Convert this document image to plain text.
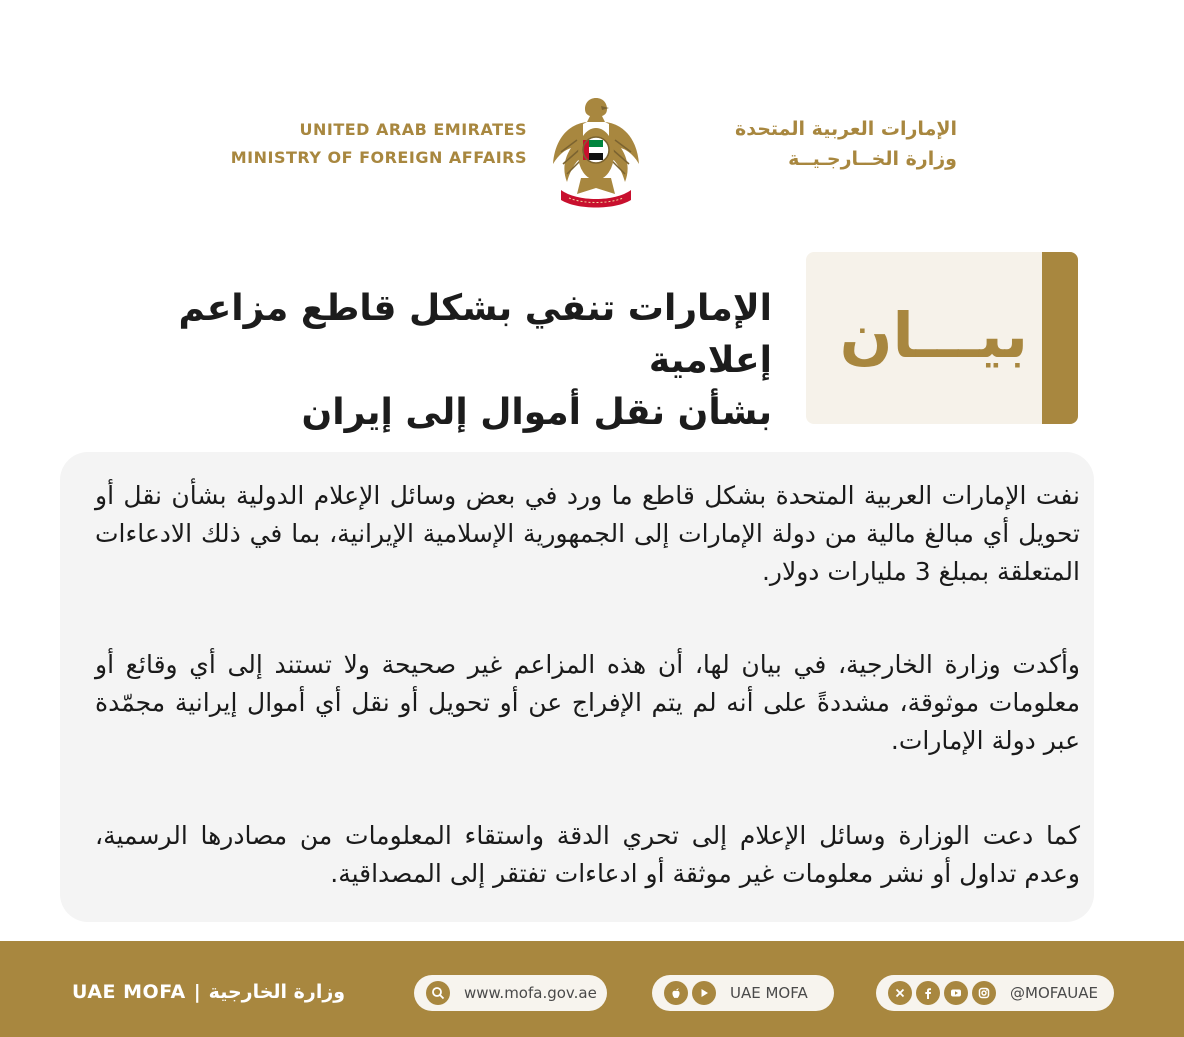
UNITED ARAB EMIRATES
MINISTRY OF FOREIGN AFFAIRS
الإمارات العربية المتحدة
وزارة الخــارجـيــة
الإمارات تنفي بشكل قاطع مزاعم إعلامية
بشأن نقل أموال إلى إيران
بيـــان
نفت الإمارات العربية المتحدة بشكل قاطع ما ورد في بعض وسائل الإعلام الدولية بشأن نقل أو تحويل أي مبالغ مالية من دولة الإمارات إلى الجمهورية الإسلامية الإيرانية، بما في ذلك الادعاءات المتعلقة بمبلغ 3 مليارات دولار.
وأكدت وزارة الخارجية، في بيان لها، أن هذه المزاعم غير صحيحة ولا تستند إلى أي وقائع أو معلومات موثوقة، مشددةً على أنه لم يتم الإفراج عن أو تحويل أو نقل أي أموال إيرانية مجمّدة عبر دولة الإمارات.
كما دعت الوزارة وسائل الإعلام إلى تحري الدقة واستقاء المعلومات من مصادرها الرسمية، وعدم تداول أو نشر معلومات غير موثقة أو ادعاءات تفتقر إلى المصداقية.
UAE MOFA | وزارة الخارجية	www.mofa.gov.ae	UAE MOFA	@MOFAUAE
